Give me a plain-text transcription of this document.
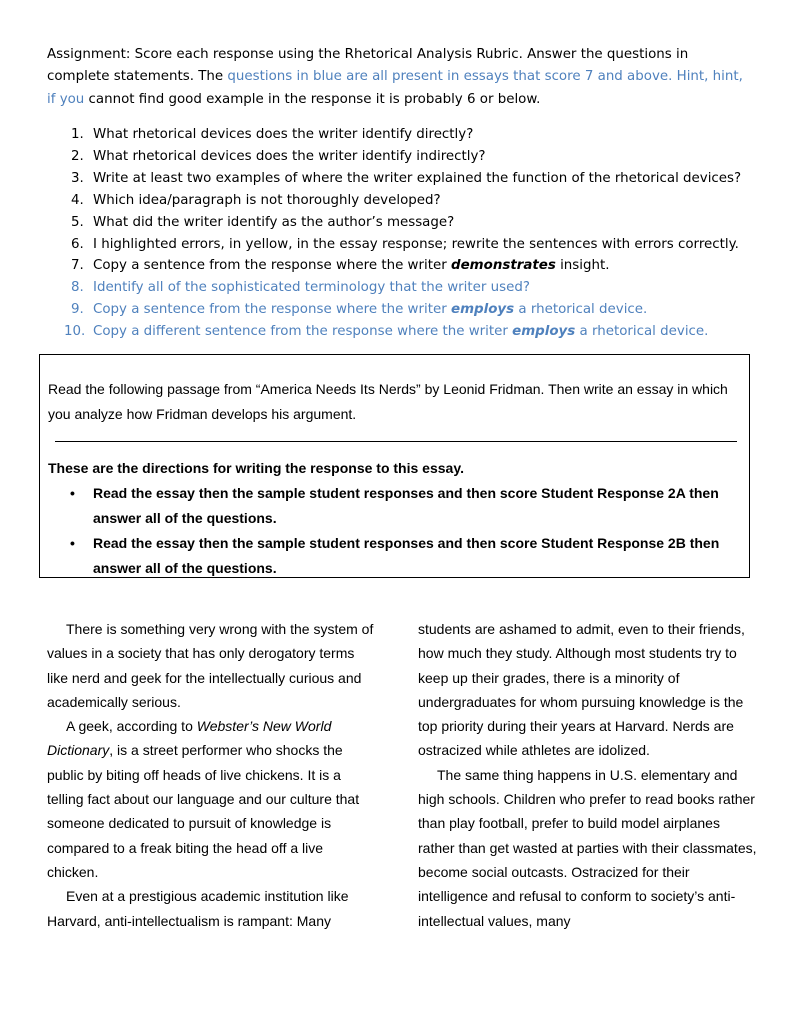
Assignment: Score each response using the Rhetorical Analysis Rubric. Answer the questions in complete statements. The questions in blue are all present in essays that score 7 and above. Hint, hint, if you cannot find good example in the response it is probably 6 or below.
1. What rhetorical devices does the writer identify directly?
2. What rhetorical devices does the writer identify indirectly?
3. Write at least two examples of where the writer explained the function of the rhetorical devices?
4. Which idea/paragraph is not thoroughly developed?
5. What did the writer identify as the author’s message?
6. I highlighted errors, in yellow, in the essay response; rewrite the sentences with errors correctly.
7. Copy a sentence from the response where the writer demonstrates insight.
8. Identify all of the sophisticated terminology that the writer used?
9. Copy a sentence from the response where the writer employs a rhetorical device.
10. Copy a different sentence from the response where the writer employs a rhetorical device.
Read the following passage from “America Needs Its Nerds” by Leonid Fridman. Then write an essay in which you analyze how Fridman develops his argument.
These are the directions for writing the response to this essay.
• Read the essay then the sample student responses and then score Student Response 2A then answer all of the questions.
• Read the essay then the sample student responses and then score Student Response 2B then answer all of the questions.

There is something very wrong with the system of values in a society that has only derogatory terms like nerd and geek for the intellectually curious and academically serious.

A geek, according to Webster’s New World Dictionary, is a street performer who shocks the public by biting off heads of live chickens. It is a telling fact about our language and our culture that someone dedicated to pursuit of knowledge is compared to a freak biting the head off a live chicken.

Even at a prestigious academic institution like Harvard, anti-intellectualism is rampant: Many

students are ashamed to admit, even to their friends, how much they study. Although most students try to keep up their grades, there is a minority of undergraduates for whom pursuing knowledge is the top priority during their years at Harvard. Nerds are ostracized while athletes are idolized.

The same thing happens in U.S. elementary and high schools. Children who prefer to read books rather than play football, prefer to build model airplanes rather than get wasted at parties with their classmates, become social outcasts. Ostracized for their intelligence and refusal to conform to society’s anti-intellectual values, many
